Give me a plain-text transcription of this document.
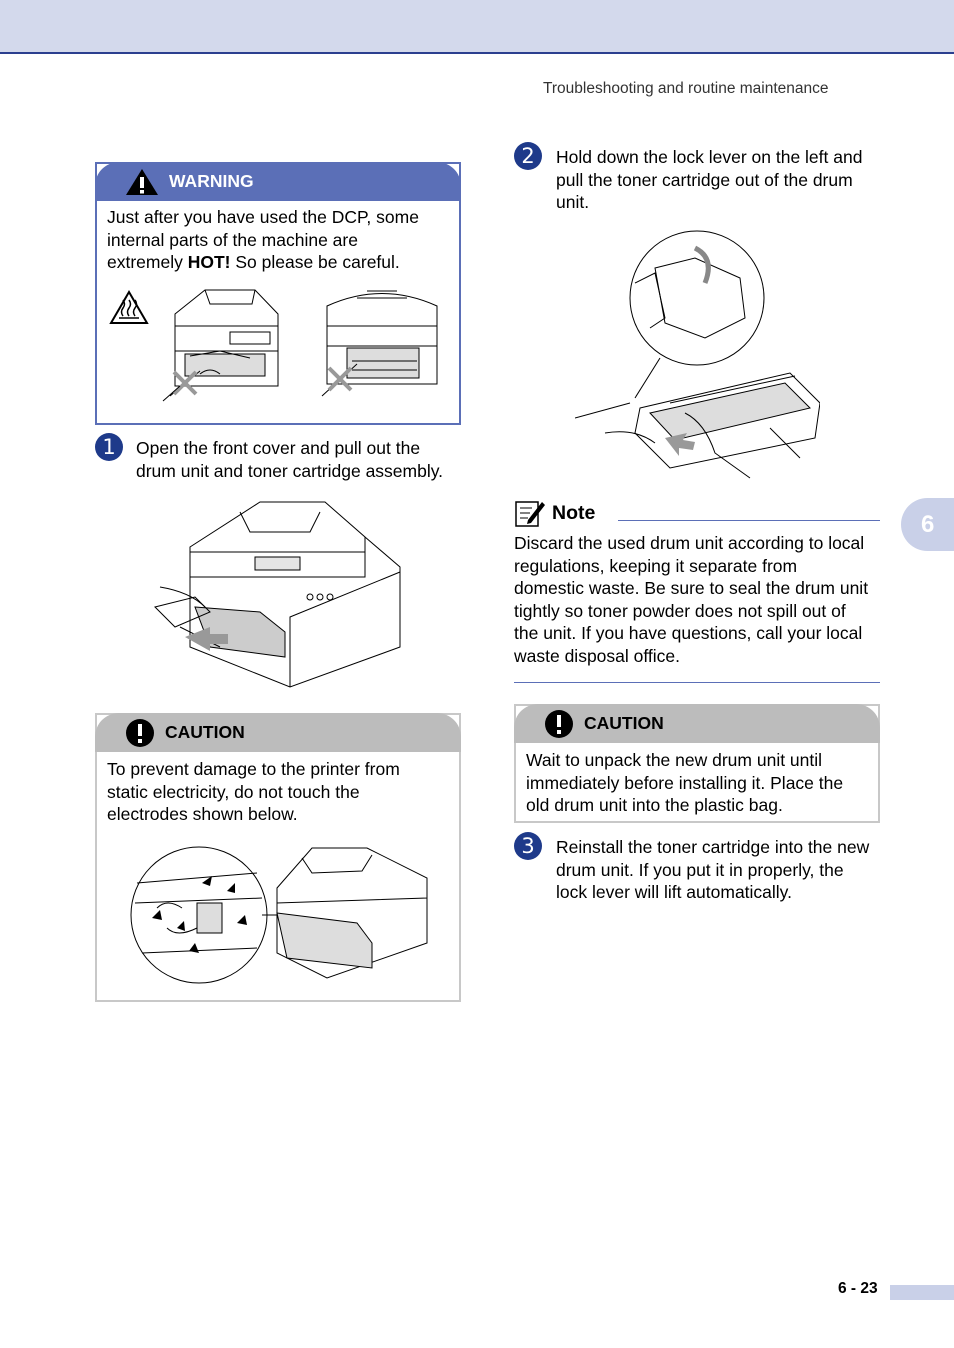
Troubleshooting and routine maintenance
WARNING
Just after you have used the DCP, some
internal parts of the machine are
extremely HOT! So please be careful.
1	Open the front cover and pull out the
drum unit and toner cartridge assembly.
CAUTION
To prevent damage to the printer from
static electricity, do not touch the
electrodes shown below.
2	Hold down the lock lever on the left and
pull the toner cartridge out of the drum
unit.
Note
Discard the used drum unit according to local
regulations, keeping it separate from
domestic waste. Be sure to seal the drum unit
tightly so toner powder does not spill out of
the unit. If you have questions, call your local
waste disposal office.
CAUTION
Wait to unpack the new drum unit until
immediately before installing it. Place the
old drum unit into the plastic bag.
3	Reinstall the toner cartridge into the new
drum unit. If you put it in properly, the
lock lever will lift automatically.
6
6 - 23
